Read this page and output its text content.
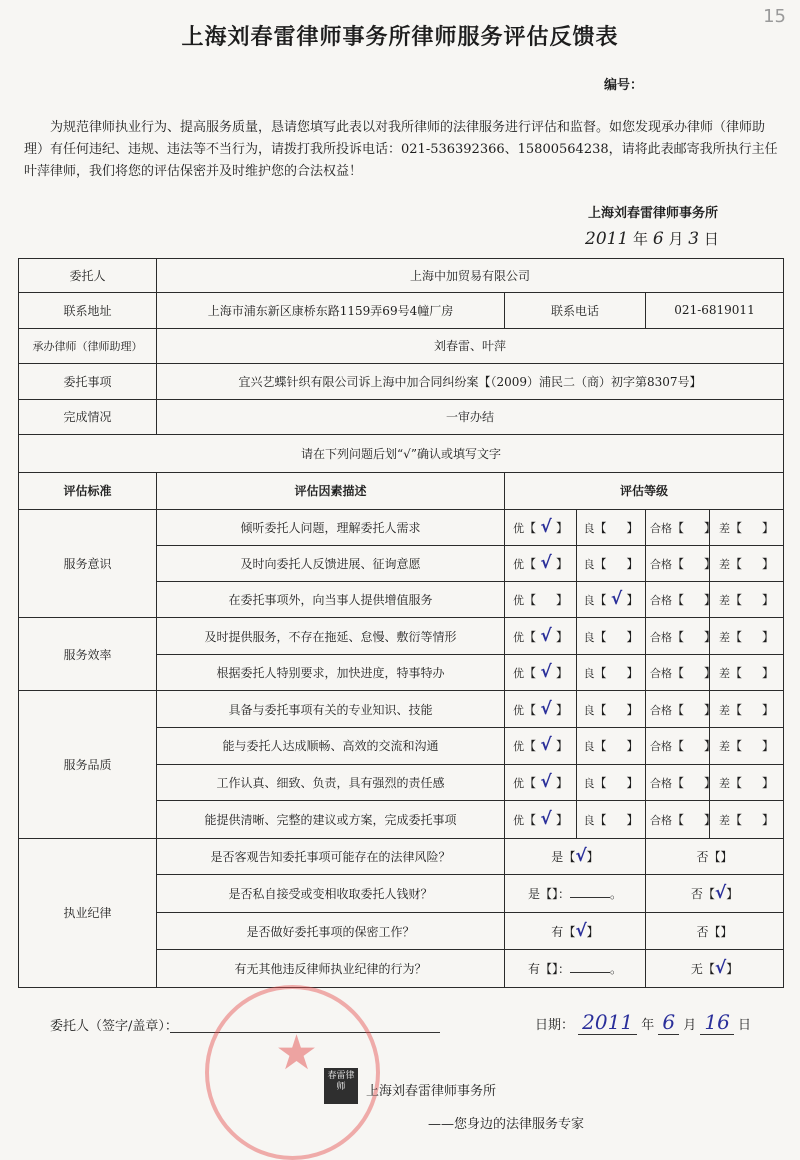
15
上海刘春雷律师事务所律师服务评估反馈表
编号：
为规范律师执业行为、提高服务质量，恳请您填写此表以对我所律师的法律服务进行评估和监督。如您发现承办律师（律师助理）有任何违纪、违规、违法等不当行为，请拨打我所投诉电话：021-536392366、15800564238，请将此表邮寄我所执行主任叶萍律师，我们将您的评估保密并及时维护您的合法权益！
上海刘春雷律师事务所
2011 年 6 月 3 日
委托人	上海中加贸易有限公司				
联系地址	上海市浦东新区康桥东路1159弄69号4幢厂房	联系电话		021-6819011	
承办律师（律师助理）	刘春雷、叶萍				
委托事项	宜兴艺蝶针织有限公司诉上海中加合同纠纷案【（2009）浦民二（商）初字第8307号】				
完成情况	一审办结				
请在下列问题后划“√”确认或填写文字					
评估标准	评估因素描述	评估等级			
服务意识	倾听委托人问题，理解委托人需求	优【 √ 】	良【 】	合格【 】	差【 】
	及时向委托人反馈进展、征询意愿	优【 √ 】	良【 】	合格【 】	差【 】
	在委托事项外，向当事人提供增值服务	优【 】	良【 √ 】	合格【 】	差【 】
服务效率	及时提供服务，不存在拖延、怠慢、敷衍等情形	优【 √ 】	良【 】	合格【 】	差【 】
	根据委托人特别要求，加快进度，特事特办	优【 √ 】	良【 】	合格【 】	差【 】
服务品质	具备与委托事项有关的专业知识、技能	优【 √ 】	良【 】	合格【 】	差【 】
	能与委托人达成顺畅、高效的交流和沟通	优【 √ 】	良【 】	合格【 】	差【 】
	工作认真、细致、负责，具有强烈的责任感	优【 √ 】	良【 】	合格【 】	差【 】
	能提供清晰、完整的建议或方案，完成委托事项	优【 √ 】	良【 】	合格【 】	差【 】
执业纪律	是否客观告知委托事项可能存在的法律风险？	是【√】		否【】	
	是否私自接受或变相收取委托人钱财？	是【】： 。		否【√】	
	是否做好委托事项的保密工作？	有【√】		否【】	
	有无其他违反律师执业纪律的行为？	有【】： 。		无【√】	
委托人（签字/盖章）：	日期： 2011 年 6 月 16 日
★	春雷律师	上海刘春雷律师事务所
——您身边的法律服务专家
